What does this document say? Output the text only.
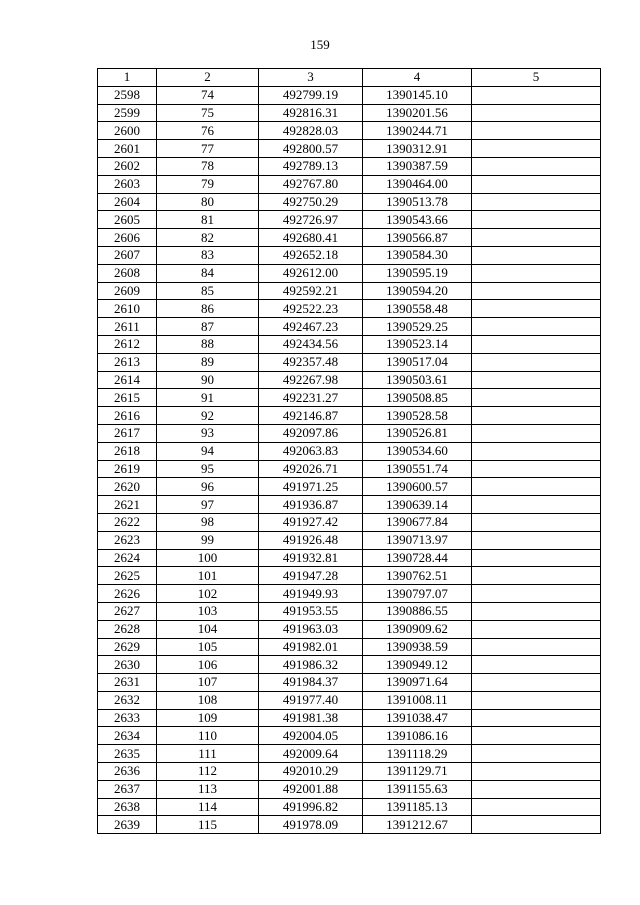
159
1	2	3	4	5
2598	74	492799.19	1390145.10	
2599	75	492816.31	1390201.56	
2600	76	492828.03	1390244.71	
2601	77	492800.57	1390312.91	
2602	78	492789.13	1390387.59	
2603	79	492767.80	1390464.00	
2604	80	492750.29	1390513.78	
2605	81	492726.97	1390543.66	
2606	82	492680.41	1390566.87	
2607	83	492652.18	1390584.30	
2608	84	492612.00	1390595.19	
2609	85	492592.21	1390594.20	
2610	86	492522.23	1390558.48	
2611	87	492467.23	1390529.25	
2612	88	492434.56	1390523.14	
2613	89	492357.48	1390517.04	
2614	90	492267.98	1390503.61	
2615	91	492231.27	1390508.85	
2616	92	492146.87	1390528.58	
2617	93	492097.86	1390526.81	
2618	94	492063.83	1390534.60	
2619	95	492026.71	1390551.74	
2620	96	491971.25	1390600.57	
2621	97	491936.87	1390639.14	
2622	98	491927.42	1390677.84	
2623	99	491926.48	1390713.97	
2624	100	491932.81	1390728.44	
2625	101	491947.28	1390762.51	
2626	102	491949.93	1390797.07	
2627	103	491953.55	1390886.55	
2628	104	491963.03	1390909.62	
2629	105	491982.01	1390938.59	
2630	106	491986.32	1390949.12	
2631	107	491984.37	1390971.64	
2632	108	491977.40	1391008.11	
2633	109	491981.38	1391038.47	
2634	110	492004.05	1391086.16	
2635	111	492009.64	1391118.29	
2636	112	492010.29	1391129.71	
2637	113	492001.88	1391155.63	
2638	114	491996.82	1391185.13	
2639	115	491978.09	1391212.67	
